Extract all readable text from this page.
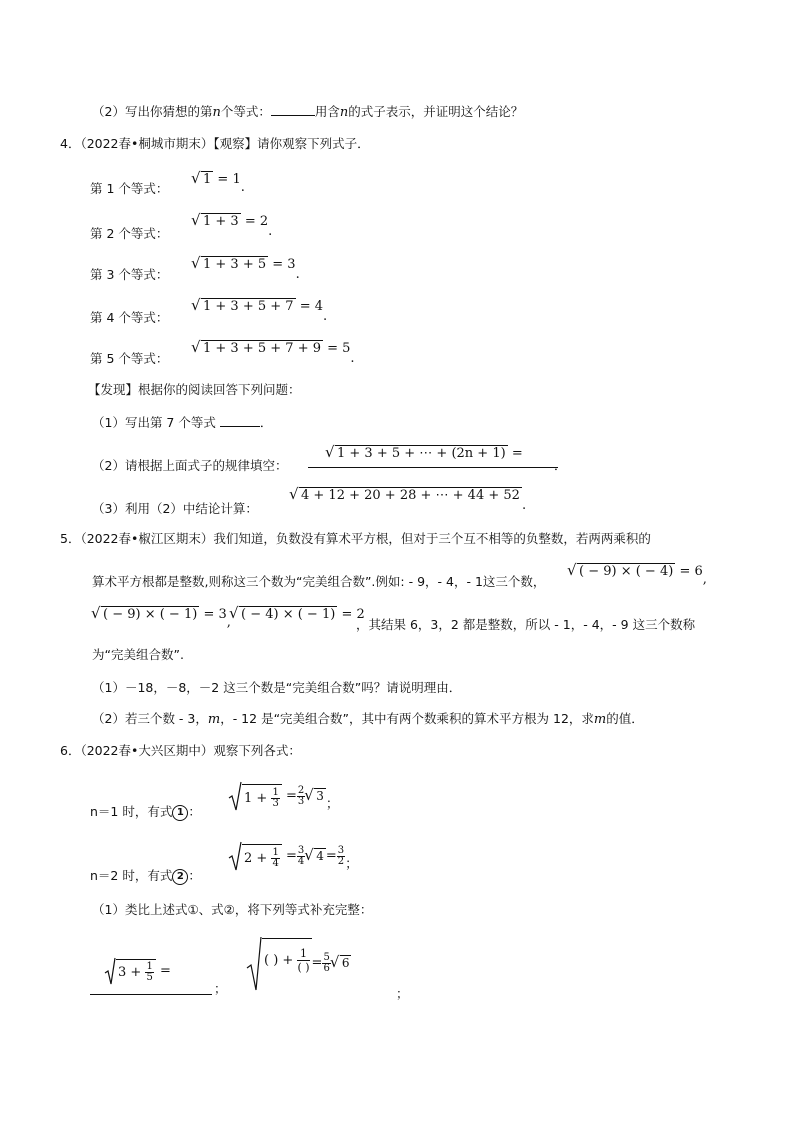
（2）写出你猜想的第n个等式：	用含n的式子表示，并证明这个结论？
4．（2022春•桐城市期末）【观察】请你观察下列式子．
第 1 个等式：
√ 1 = 1.
第 2 个等式：
√ 1 + 3 = 2.
第 3 个等式：
√ 1 + 3 + 5 = 3.
第 4 个等式：
√ 1 + 3 + 5 + 7 = 4.
第 5 个等式：
√ 1 + 3 + 5 + 7 + 9 = 5.
【发现】根据你的阅读回答下列问题：
（1）写出第 7 个等式	．
（2）请根据上面式子的规律填空：
√ 1 + 3 + 5 + ⋯ + (2n + 1) =
．
（3）利用（2）中结论计算：
√ 4 + 12 + 20 + 28 + ⋯ + 44 + 52.
5．（2022春•椒江区期末）我们知道，负数没有算术平方根，但对于三个互不相等的负整数，若两两乘积的
算术平方根都是整数,则称这三个数为“完美组合数”.例如: - 9，- 4，- 1这三个数，
√ ( − 9) × ( − 4) = 6,
√ ( − 9) × ( − 1) = 3,
√ ( − 4) × ( − 1) = 2
，其结果 6，3，2 都是整数，所以 - 1，- 4，- 9 这三个数称
为“完美组合数”.
（1）－18，－8，－2 这三个数是“完美组合数”吗？请说明理由．
（2）若三个数 - 3，m，- 12 是“完美组合数”，其中有两个数乘积的算术平方根为 12，求m的值．
6．（2022春•大兴区期中）观察下列各式：
n＝1 时，有式 1 ：
$1 + \frac{1}{3} = \frac{2}{3}$ √ 3；
n＝2 时，有式 2 ：
$2 + \frac{1}{4} = \frac{3}{4}$ √ $4 = \frac{3}{2}$ ；
（1）类比上述式①、式②，将下列等式补充完整：
$3 + \frac{1}{5}$ =
；
( ) + $\frac{1}{( )} = \frac{5}{6}$ √ 6
；
